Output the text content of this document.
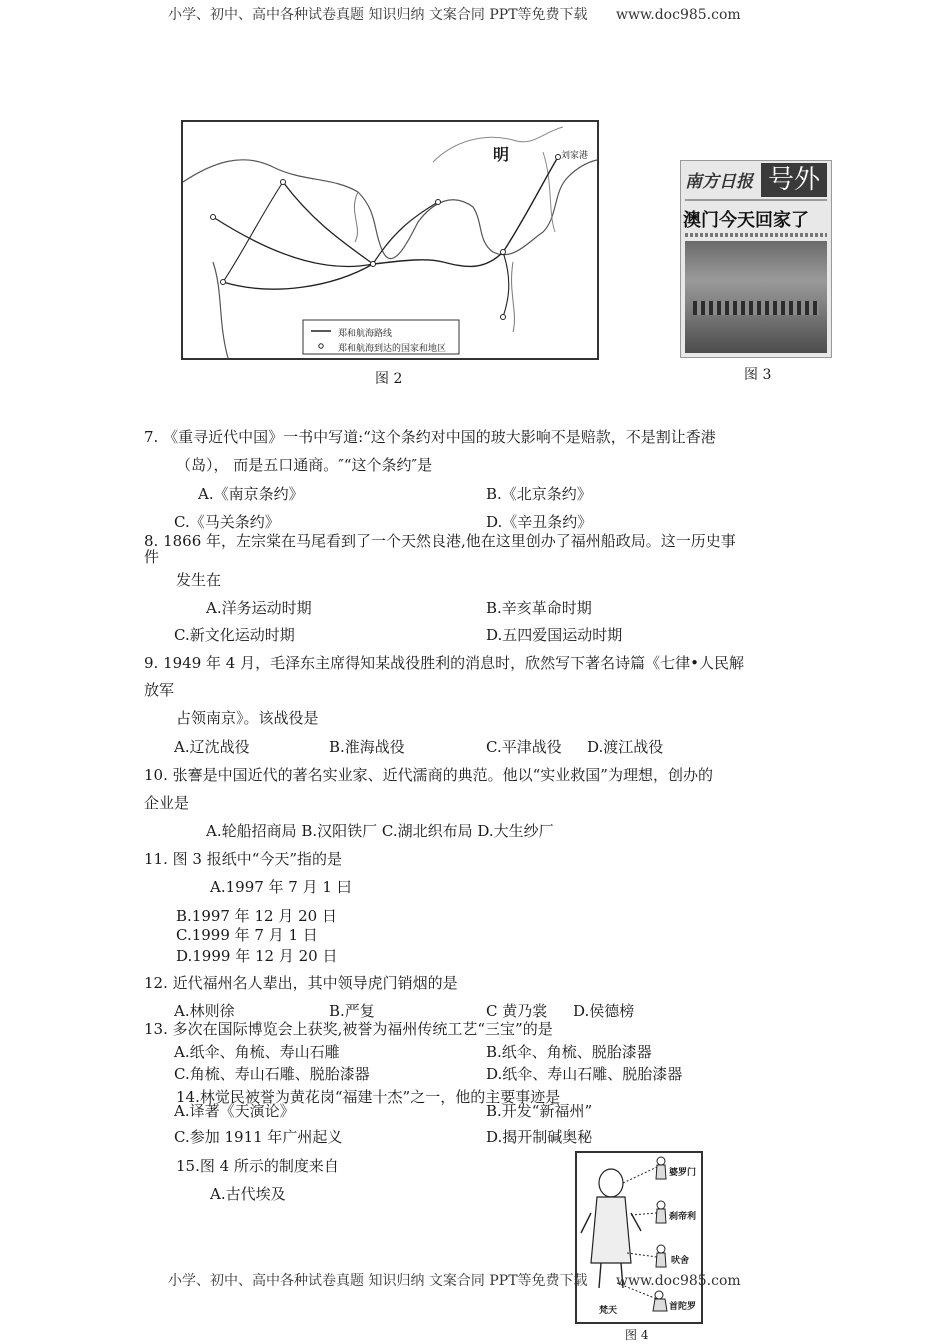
小学、初中、高中各种试卷真题 知识归纳 文案合同 PPT等免费下载 www.doc985.com
明	刘家港
郑和航海路线
郑和航海到达的国家和地区
图 2
南方日报 号外
澳门今天回家了
图 3
7. 《重寻近代中国》一书中写道:“这个条约对中国的玻大影响不是赔款，不是割让香港
（岛）， 而是五口通商。″“这个条约″是
A.《南京条约》	B.《北京条约》
C.《马关条约》	D.《辛丑条约》
8. 1866 年，左宗棠在马尾看到了一个天然良港,他在这里创办了福州船政局。这一历史事
件
发生在
A.洋务运动时期	B.辛亥革命时期
C.新文化运动时期	D.五四爱国运动时期
9. 1949 年 4 月，毛泽东主席得知某战役胜利的消息时，欣然写下著名诗篇《七律•人民解
放军
占领南京》。该战役是
A.辽沈战役	B.淮海战役	C.平津战役 D.渡江战役
10. 张謇是中国近代的著名实业家、近代濡商的典范。他以“实业救国”为理想，创办的
企业是
A.轮船招商局 B.汉阳铁厂 C.湖北织布局 D.大生纱厂
11. 图 3 报纸中“今天”指的是
A.1997 年 7 月 1 曰
B.1997 年 12 月 20 日
C.1999 年 7 月 1 日
D.1999 年 12 月 20 日
12. 近代福州名人辈出，其中领导虎门销烟的是
A.林则徐	B.严复	C 黄乃裳 D.侯德榜
13. 多次在国际博览会上获奖,被誉为福州传统工艺“三宝”的是
A.纸伞、角梳、寿山石雕	B.纸伞、角梳、脱胎漆器
C.角梳、寿山石雕、脱胎漆器	D.纸伞、寿山石雕、脱胎漆器
14.林觉民被誉为黄花岗“福建十杰”之一，他的主要事迹是
A.译著《天演论》	B.开发“新福州”
C.参加 1911 年广州起义	D.揭开制碱奥秘
15.图 4 所示的制度来自
A.古代埃及
婆罗门
刹帝利
吠舍
首陀罗
梵天
图 4
小学、初中、高中各种试卷真题 知识归纳 文案合同 PPT等免费下载 www.doc985.com
